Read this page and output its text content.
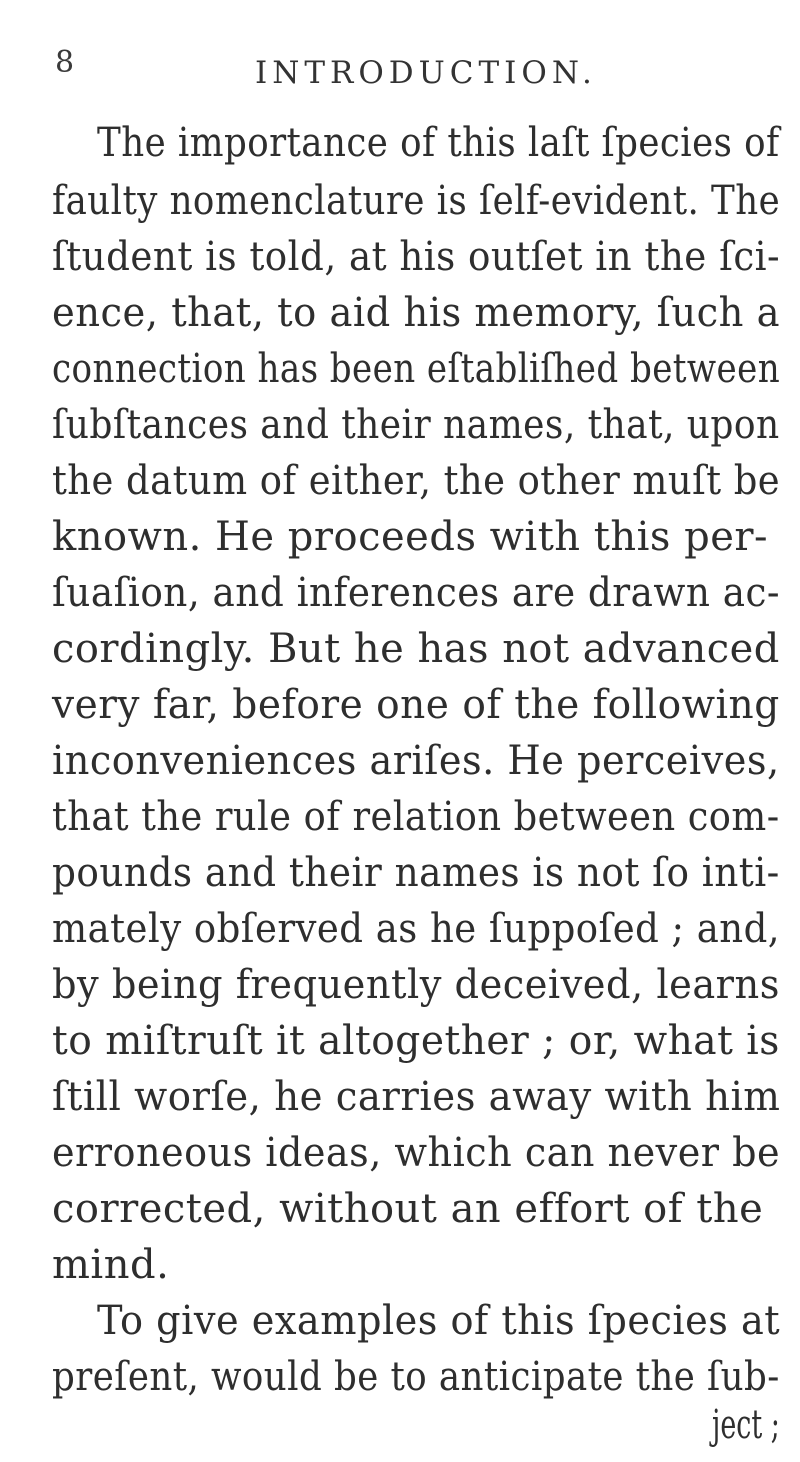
8	INTRODUCTION.
The importance of this laſt ſpecies of
faulty nomenclature is ſelf-evident. The
ſtudent is told, at his outſet in the ſci-
ence, that, to aid his memory, ſuch a
connection has been eſtabliſhed between
ſubſtances and their names, that, upon
the datum of either, the other muſt be
known. He proceeds with this per-
ſuaſion, and inferences are drawn ac-
cordingly. But he has not advanced
very far, before one of the following
inconveniences ariſes. He perceives,
that the rule of relation between com-
pounds and their names is not ſo inti-
mately obſerved as he ſuppoſed ; and,
by being frequently deceived, learns
to miſtruſt it altogether ; or, what is
ſtill worſe, he carries away with him
erroneous ideas, which can never be
corrected, without an effort of the
mind.
To give examples of this ſpecies at
preſent, would be to anticipate the ſub-
ject ;
